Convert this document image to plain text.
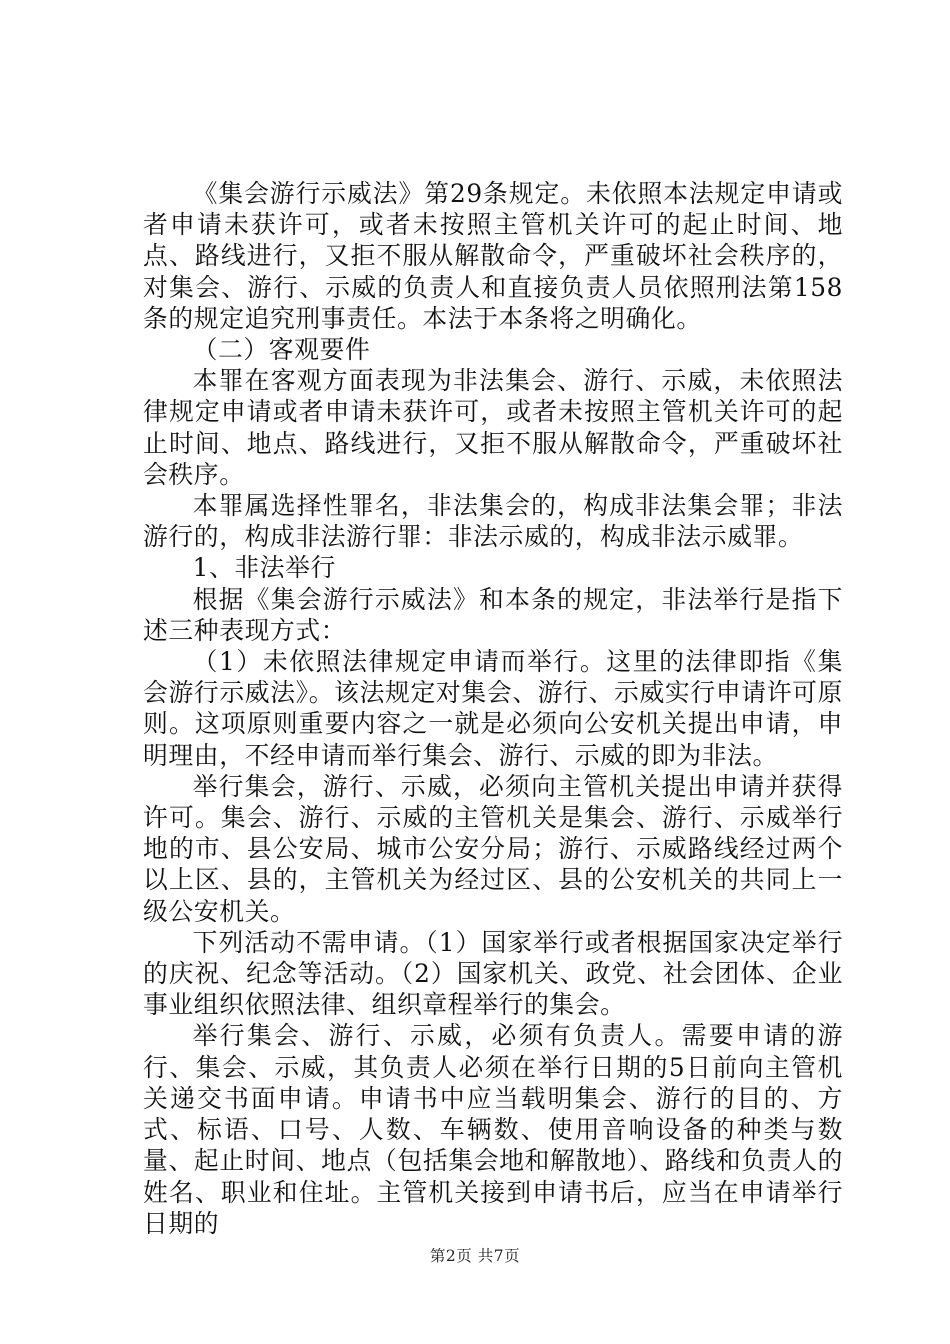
《集会游行示威法》第29条规定。未依照本法规定申请或者申请未获许可，或者未按照主管机关许可的起止时间、地点、路线进行，又拒不服从解散命令，严重破坏社会秩序的，对集会、游行、示威的负责人和直接负责人员依照刑法第158条的规定追究刑事责任。本法于本条将之明确化。

（二）客观要件

本罪在客观方面表现为非法集会、游行、示威，未依照法律规定申请或者申请未获许可，或者未按照主管机关许可的起止时间、地点、路线进行，又拒不服从解散命令，严重破坏社会秩序。

本罪属选择性罪名，非法集会的，构成非法集会罪；非法游行的，构成非法游行罪：非法示威的，构成非法示威罪。

1、非法举行

根据《集会游行示威法》和本条的规定，非法举行是指下述三种表现方式：

（1）未依照法律规定申请而举行。这里的法律即指《集会游行示威法》。该法规定对集会、游行、示威实行申请许可原则。这项原则重要内容之一就是必须向公安机关提出申请，申明理由，不经申请而举行集会、游行、示威的即为非法。

举行集会，游行、示威，必须向主管机关提出申请并获得许可。集会、游行、示威的主管机关是集会、游行、示威举行地的市、县公安局、城市公安分局；游行、示威路线经过两个以上区、县的，主管机关为经过区、县的公安机关的共同上一级公安机关。

下列活动不需申请。（1）国家举行或者根据国家决定举行的庆祝、纪念等活动。（2）国家机关、政党、社会团体、企业事业组织依照法律、组织章程举行的集会。

举行集会、游行、示威，必须有负责人。需要申请的游行、集会、示威，其负责人必须在举行日期的5日前向主管机关递交书面申请。申请书中应当载明集会、游行的目的、方式、标语、口号、人数、车辆数、使用音响设备的种类与数量、起止时间、地点（包括集会地和解散地）、路线和负责人的姓名、职业和住址。主管机关接到申请书后，应当在申请举行日期的

第2页 共7页
